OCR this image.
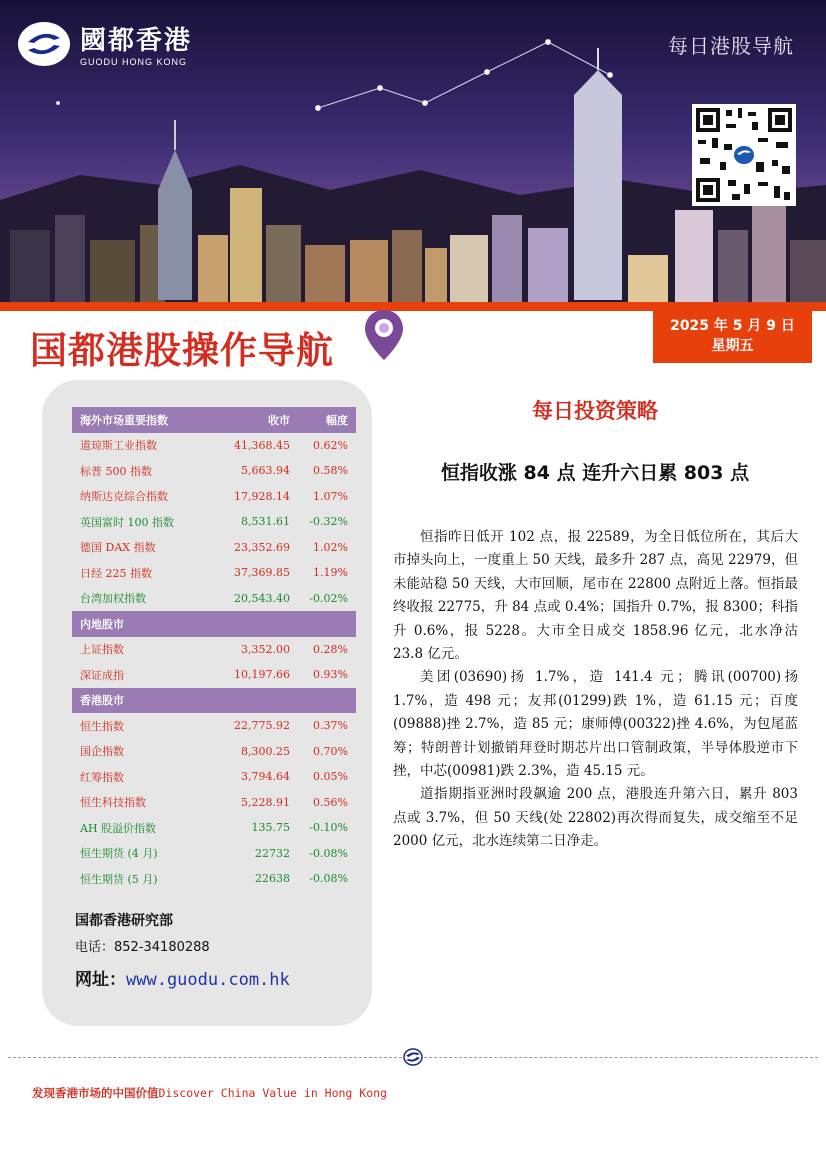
國都香港
GUODU HONG KONG
每日港股导航
国都港股操作导航
2025 年 5 月 9 日
星期五
海外市场重要指数	收市	幅度
道琼斯工业指数	41,368.45	0.62%
标普 500 指数	5,663.94	0.58%
纳斯达克综合指数	17,928.14	1.07%
英国富时 100 指数	8,531.61	-0.32%
德国 DAX 指数	23,352.69	1.02%
日经 225 指数	37,369.85	1.19%
台湾加权指数	20,543.40	-0.02%
内地股市		
上证指数	3,352.00	0.28%
深证成指	10,197.66	0.93%
香港股市		
恒生指数	22,775.92	0.37%
国企指数	8,300.25	0.70%
红筹指数	3,794.64	0.05%
恒生科技指数	5,228.91	0.56%
AH 股溢价指数	135.75	-0.10%
恒生期货 (4 月)	22732	-0.08%
恒生期货 (5 月)	22638	-0.08%
国都香港研究部
电话：852-34180288
网址：www.guodu.com.hk
每日投资策略
恒指收涨 84 点 连升六日累 803 点

恒指昨日低开 102 点，报 22589，为全日低位所在，其后大市掉头向上，一度重上 50 天线，最多升 287 点，高见 22979，但未能站稳 50 天线，大市回顺，尾市在 22800 点附近上落。恒指最终收报 22775，升 84 点或 0.4%；国指升 0.7%，报 8300；科指升 0.6%，报 5228。大市全日成交 1858.96 亿元，北水净沽 23.8 亿元。

美团(03690)扬 1.7%，造 141.4 元；腾讯(00700)扬 1.7%，造 498 元；友邦(01299)跌 1%，造 61.15 元；百度(09888)挫 2.7%，造 85 元；康师傅(00322)挫 4.6%，为包尾蓝筹；特朗普计划撤销拜登时期芯片出口管制政策，半导体股逆市下挫，中芯(00981)跌 2.3%，造 45.15 元。

道指期指亚洲时段飙逾 200 点，港股连升第六日，累升 803 点或 3.7%，但 50 天线(处 22802)再次得而复失，成交缩至不足 2000 亿元，北水连续第二日净走。

发现香港市场的中国价值Discover China Value in Hong Kong
